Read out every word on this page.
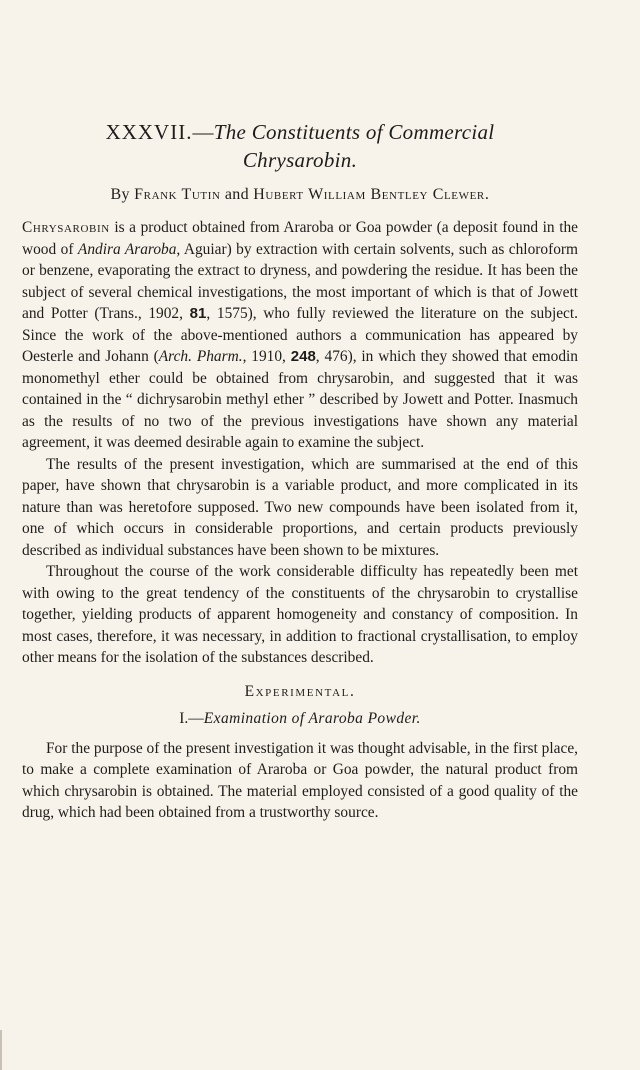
XXXVII.—The Constituents of Commercial
Chrysarobin.
By Frank Tutin and Hubert William Bentley Clewer.

Chrysarobin is a product obtained from Araroba or Goa powder (a deposit found in the wood of Andira Araroba, Aguiar) by extraction with certain solvents, such as chloroform or benzene, evaporating the extract to dryness, and powdering the residue. It has been the subject of several chemical investigations, the most important of which is that of Jowett and Potter (Trans., 1902, 81, 1575), who fully reviewed the literature on the subject. Since the work of the above-mentioned authors a communication has appeared by Oesterle and Johann (Arch. Pharm., 1910, 248, 476), in which they showed that emodin monomethyl ether could be obtained from chrysarobin, and suggested that it was contained in the “ dichrysarobin methyl ether ” described by Jowett and Potter. Inasmuch as the results of no two of the previous investigations have shown any material agreement, it was deemed desirable again to examine the subject.

The results of the present investigation, which are summarised at the end of this paper, have shown that chrysarobin is a variable product, and more complicated in its nature than was heretofore supposed. Two new compounds have been isolated from it, one of which occurs in considerable proportions, and certain products previously described as individual substances have been shown to be mixtures.

Throughout the course of the work considerable difficulty has repeatedly been met with owing to the great tendency of the constituents of the chrysarobin to crystallise together, yielding products of apparent homogeneity and constancy of composition. In most cases, therefore, it was necessary, in addition to fractional crystallisation, to employ other means for the isolation of the substances described.

Experimental.
I.—Examination of Araroba Powder.

For the purpose of the present investigation it was thought advisable, in the first place, to make a complete examination of Araroba or Goa powder, the natural product from which chrysarobin is obtained. The material employed consisted of a good quality of the drug, which had been obtained from a trustworthy source.
